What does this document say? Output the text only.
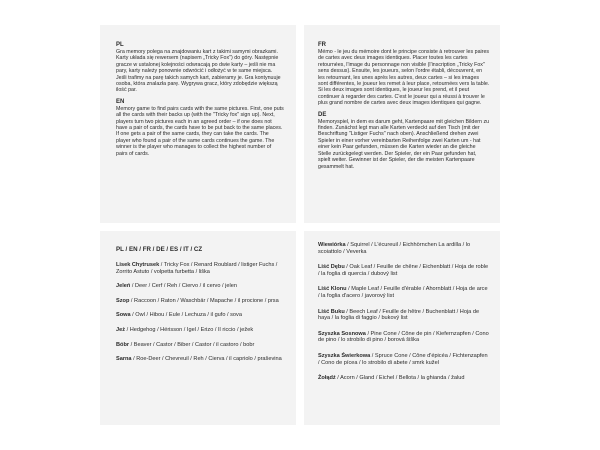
PL

Gra memory polega na znajdowaniu kart z takimi samymi obrazkami. Karty układa się rewersem (napisem „Tricky Fox") do góry. Następnie gracze w ustalonej kolejności odwracają po dwie karty – jeśli nie ma pary, karty należy ponownie odwrócić i odłożyć w te same miejsca. Jeśli trafimy na parę takich samych kart, zabieramy je. Gra kontynuuje osoba, która znalazła parę. Wygrywa gracz, który zdobędzie większą ilość par.

EN

Memory game to find pairs cards with the same pictures. First, one puts all the cards with their backs up (with the "Tricky fox" sign up). Next, players turn two pictures each in an agreed order – if one does not have a pair of cards, the cards have to be put back to the same places. If one gets a pair of the same cards, they can take the cards. The player who found a pair of the same cards continues the game. The winner is the player who manages to collect the highest number of pairs of cards.

FR

Mémo - le jeu du mémoire dont le principe consiste à retrouver les paires de cartes avec deux images identiques. Placer toutes les cartes retournées, l'image du personnage non visible (l'inscription „Tricky Fox" sens dessus). Ensuite, les joueurs, selon l'ordre établi, découvrent, en les retournant, les unes après les autres, deux cartes – si les images sont différentes, le joueur les remet à leur place, retournées vers la table. Si les deux images sont identiques, le joueur les prend, et il peut continuer à regarder des cartes. C'est le joueur qui a réussi à trouver le plus grand nombre de cartes avec deux images identiques qui gagne.

DE

Memoryspiel, in dem es darum geht, Kartenpaare mit gleichen Bildern zu finden. Zunächst legt man alle Karten verdeckt auf den Tisch (mit der Beschriftung "Listiger Fuchs" nach oben). Anschließend drehen zwei Spieler in einer vorher vereinbarten Reihenfolge zwei Karten um - hat einer kein Paar gefunden, müssen die Karten wieder an die gleiche Stelle zurückgelegt werden. Der Spieler, der ein Paar gefunden hat, spielt weiter. Gewinner ist der Spieler, der die meisten Kartenpaare gesammelt hat.

PL / EN / FR / DE / ES / IT / CZ

Lisek Chytrusek / Tricky Fox / Renard Roublard / listiger Fuchs / Zorrito Astuto / volpetta furbetta / liška

Jeleń / Deer / Cerf / Reh / Ciervo / il cervo / jelen

Szop / Raccoon / Raton / Waschbär / Mapache / il procione / prsa

Sowa / Owl / Hibou / Eule / Lechuza / il gufo / sova

Jeż / Hedgehog / Hérisson / Igel / Erizo / Il riccio / ježek

Bóbr / Beaver / Castor / Biber / Castor / il castoro / bobr

Sarna / Roe-Deer / Chevreuil / Reh / Cierva / il capriolo / praševina

Wiewiórka / Squirrel / L'écureuil / Eichhörnchen La ardilla / lo scoiattolo / Veverka

Liść Dębu / Oak Leaf / Feuille de chêne / Eichenblatt / Hoja de roble / la foglia di quercia / dubový list

Liść Klonu / Maple Leaf / Feuille d'érable / Ahornblatt / Hoja de arce / la foglia d'acero / javorový list

Liść Buku / Beech Leaf / Feuille de hêtre / Buchenblatt / Hoja de haya / la foglia di faggio / bukový list

Szyszka Sosnowa / Pine Cone / Cône de pin / Kiefernzapfen / Cono de pino / lo strobilo di pino / borová šiška

Szyszka Świerkowa / Spruce Cone / Cône d'épicéa / Fichtenzapfen / Cono de pícea / lo strobilo di abete / smrk kužel

Żołądź / Acorn / Gland / Eichel / Bellota / la ghianda / žalud
